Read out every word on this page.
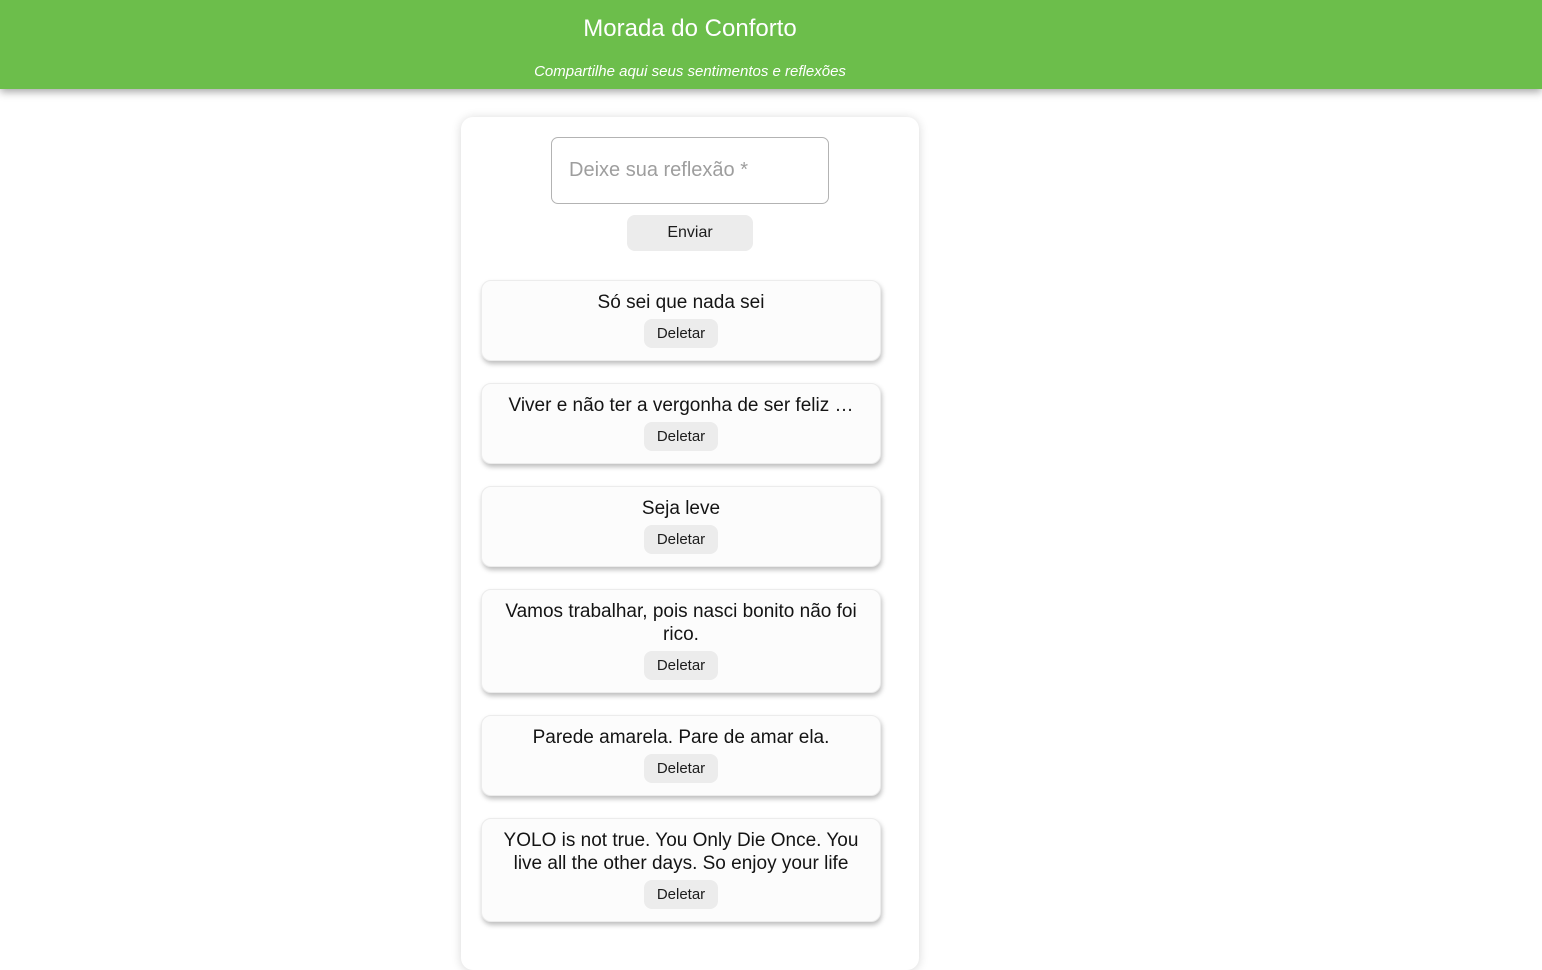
Morada do Conforto

Compartilhe aqui seus sentimentos e reflexões

Deixe sua reflexão *
Enviar
Só sei que nada sei
Deletar
Viver e não ter a vergonha de ser feliz …
Deletar
Seja leve
Deletar
Vamos trabalhar, pois nasci bonito não foi rico.
Deletar
Parede amarela. Pare de amar ela.
Deletar
YOLO is not true. You Only Die Once. You live all the other days. So enjoy your life
Deletar
